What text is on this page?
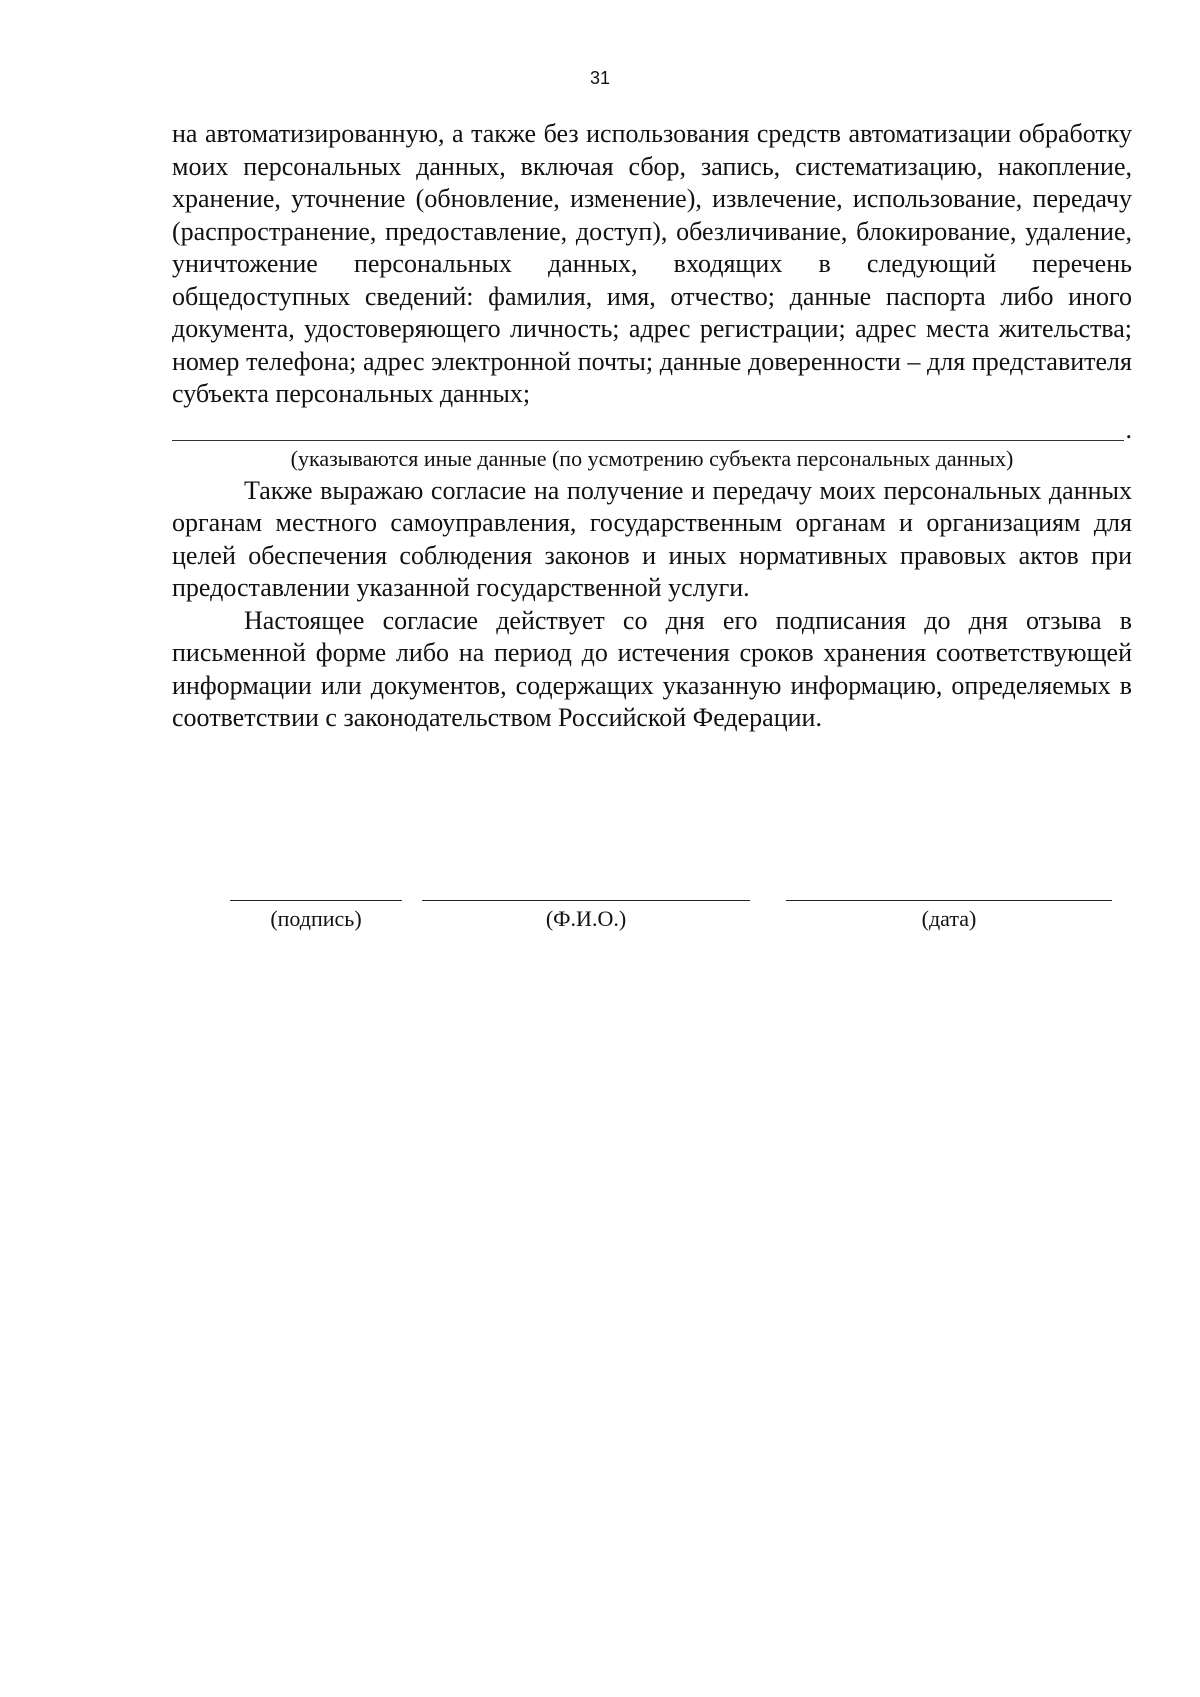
31

на автоматизированную, а также без использования средств автоматизации обработку моих персональных данных, включая сбор, запись, систематизацию, накопление, хранение, уточнение (обновление, изменение), извлечение, использование, передачу (распространение, предоставление, доступ), обезличивание, блокирование, удаление, уничтожение персональных данных, входящих в следующий перечень общедоступных сведений: фамилия, имя, отчество; данные паспорта либо иного документа, удостоверяющего личность; адрес регистрации; адрес места жительства; номер телефона; адрес электронной почты; данные доверенности – для представителя субъекта персональных данных;

.
(указываются иные данные (по усмотрению субъекта персональных данных)

Также выражаю согласие на получение и передачу моих персональных данных органам местного самоуправления, государственным органам и организациям для целей обеспечения соблюдения законов и иных нормативных правовых актов при предоставлении указанной государственной услуги.

Настоящее согласие действует со дня его подписания до дня отзыва в письменной форме либо на период до истечения сроков хранения соответствующей информации или документов, содержащих указанную информацию, определяемых в соответствии с законодательством Российской Федерации.

(подпись)	(Ф.И.О.)	(дата)
